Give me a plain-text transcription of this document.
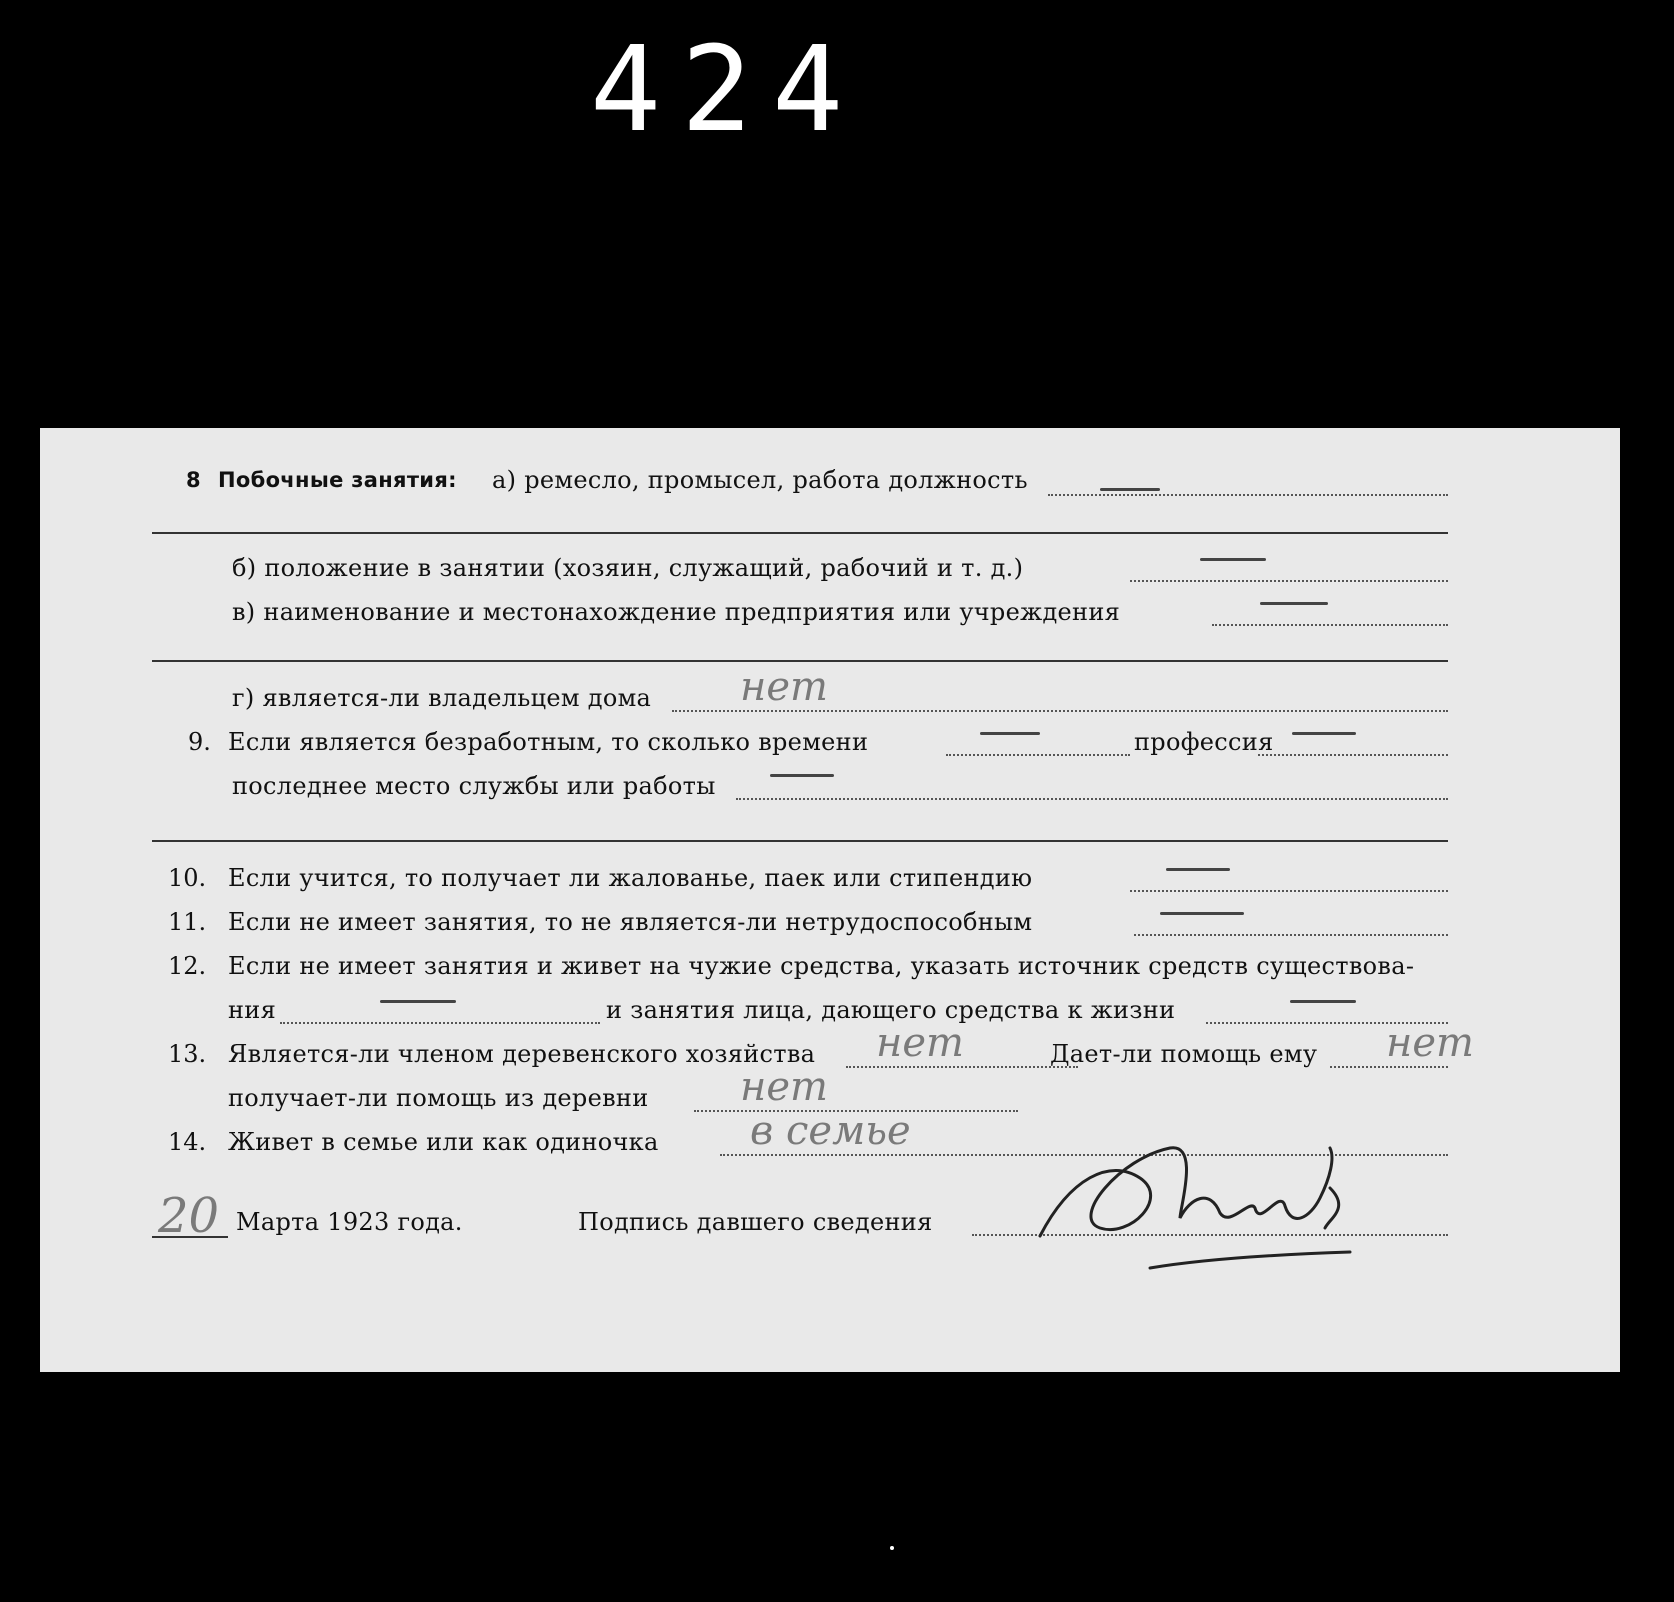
424
8 Побочные занятия: а) ремесло, промысел, работа должность
б) положение в занятии (хозяин, служащий, рабочий и т. д.)
в) наименование и местонахождение предприятия или учреждения
г) является-ли владельцем дома нет
9. Если является безработным, то сколько времени	профессия
последнее место службы или работы
10. Если учится, то получает ли жалованье, паек или стипендию
11. Если не имеет занятия, то не является-ли нетрудоспособным
12. Если не имеет занятия и живет на чужие средства, указать источник средств существова-
ния	и занятия лица, дающего средства к жизни
13. Является-ли членом деревенского хозяйства нет	Дает-ли помощь ему нет
получает-ли помощь из деревни нет
14. Живет в семье или как одиночка в семье
20 Марта 1923 года.	Подпись давшего сведения
